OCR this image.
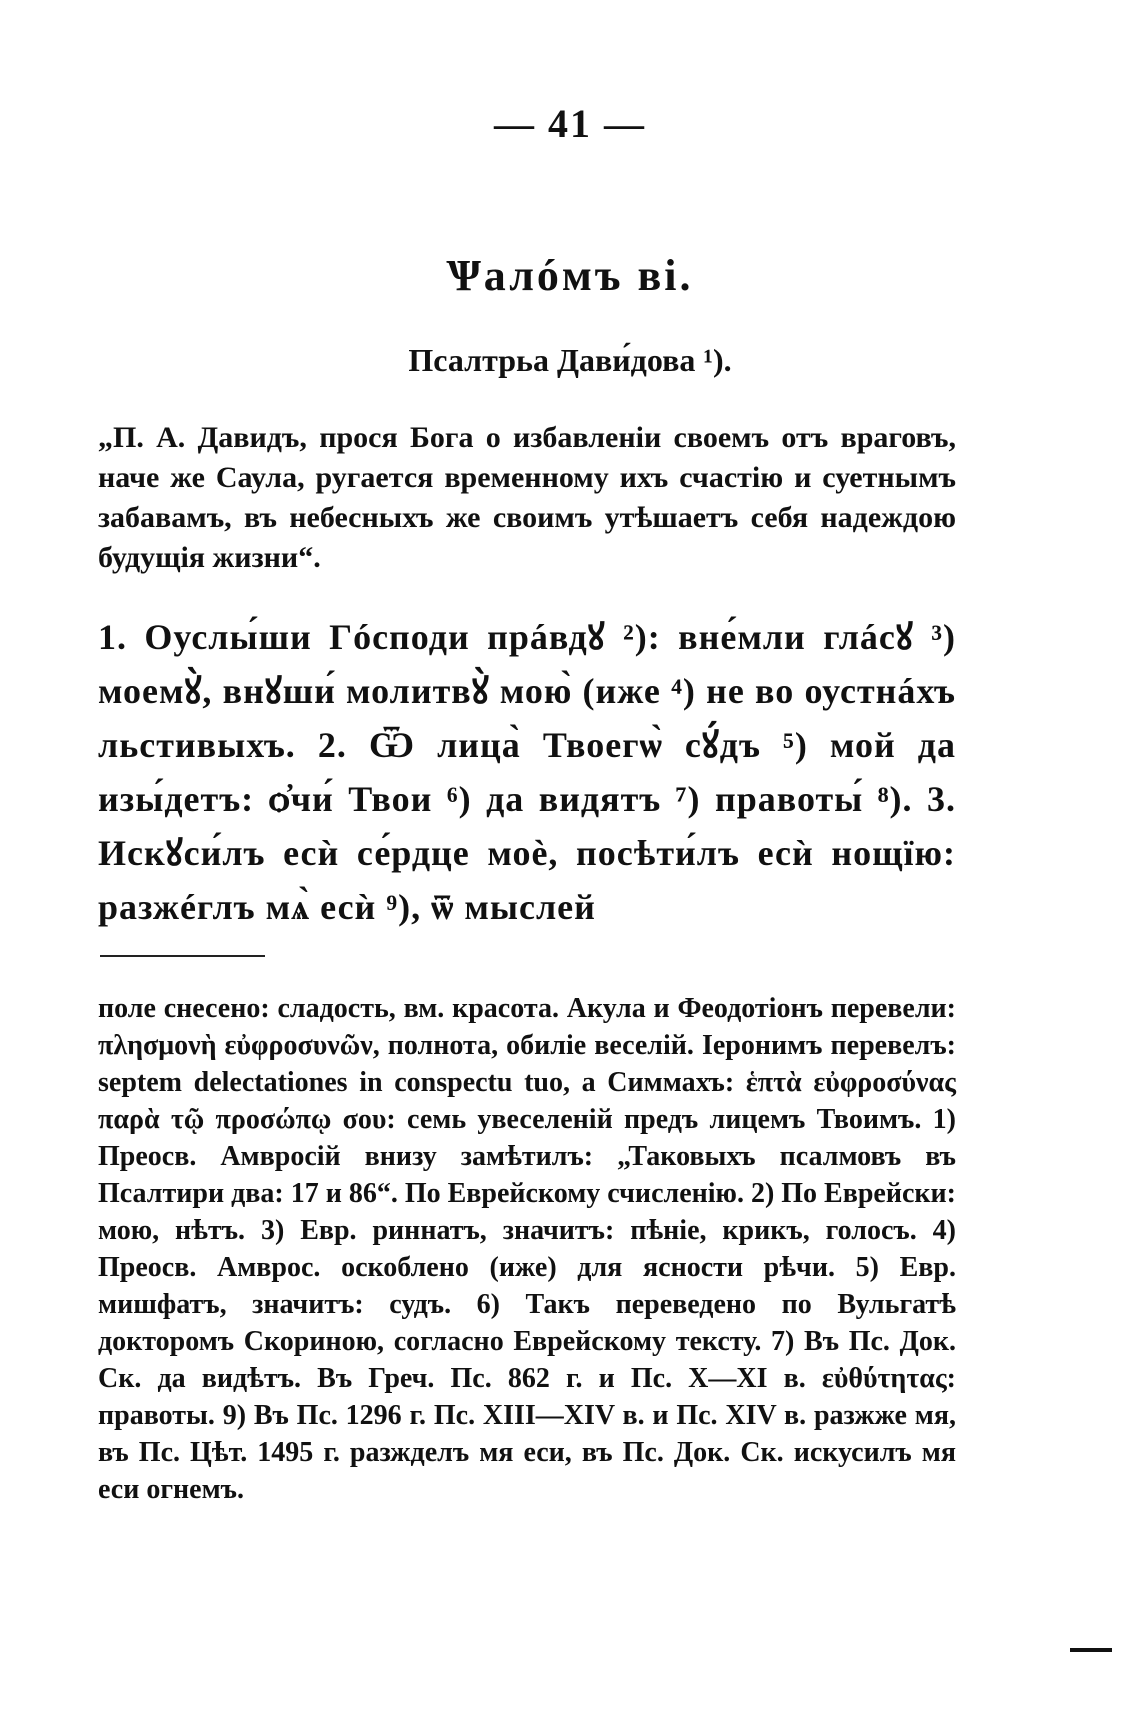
— 41 —
Ѱалóмъ ві.
Псалтрьа Дави́дова ¹).
„П. А. Давидъ, прося Бога о избавленіи своемъ отъ враговъ, наче же Саула, ругается временному ихъ счастію и суетнымъ забавамъ, въ небесныхъ же своимъ утѣшаетъ себя надеждою будущія жизни“.
1. Оуслы́ши Гóсподи прáвдꙋ ²): вне́мли глáсꙋ ³) моемꙋ̀, внꙋши́ молитвꙋ̀ мою̀ (иже ⁴) не во оустнáхъ льстивыхъ. 2. Ѿ лица̀ Твоегѡ̀ сꙋ́дъ ⁵) мой да изы́детъ: ѻ҆чи́ Твои ⁶) да видятъ ⁷) правоты́ ⁸). 3. Искꙋси́лъ есѝ се́рдце моѐ, посѣти́лъ есѝ нощїю: разжéглъ мѧ̀ есѝ ⁹), ѿ мыслей
поле снесено: сладость, вм. красота. Акула и Феодотіонъ перевели: πλησμονὴ εὐφροσυνῶν, полнота, обиліе веселій. Іеронимъ перевелъ: septem delectationes in conspectu tuo, а Симмахъ: ἑπτὰ εὐφροσύνας παρὰ τῷ προσώπῳ σου: семь увеселеній предъ лицемъ Твоимъ. 1) Преосв. Амвросій внизу замѣтилъ: „Таковыхъ псалмовъ въ Псалтири два: 17 и 86“. По Еврейскому счисленію. 2) По Еврейски: мою, нѣтъ. 3) Евр. риннатъ, значитъ: пѣніе, крикъ, голосъ. 4) Преосв. Амврос. оскоблено (иже) для ясности рѣчи. 5) Евр. мишфатъ, значитъ: судъ. 6) Такъ переведено по Вульгатѣ докторомъ Скориною, согласно Еврейскому тексту. 7) Въ Пс. Док. Ск. да видѣтъ. Въ Греч. Пс. 862 г. и Пс. X—XI в. εὐθύτητας: правоты. 9) Въ Пс. 1296 г. Пс. XIII—XIV в. и Пс. XIV в. разжже мя, въ Пс. Цѣт. 1495 г. разжделъ мя еси, въ Пс. Док. Ск. искусилъ мя еси огнемъ.
